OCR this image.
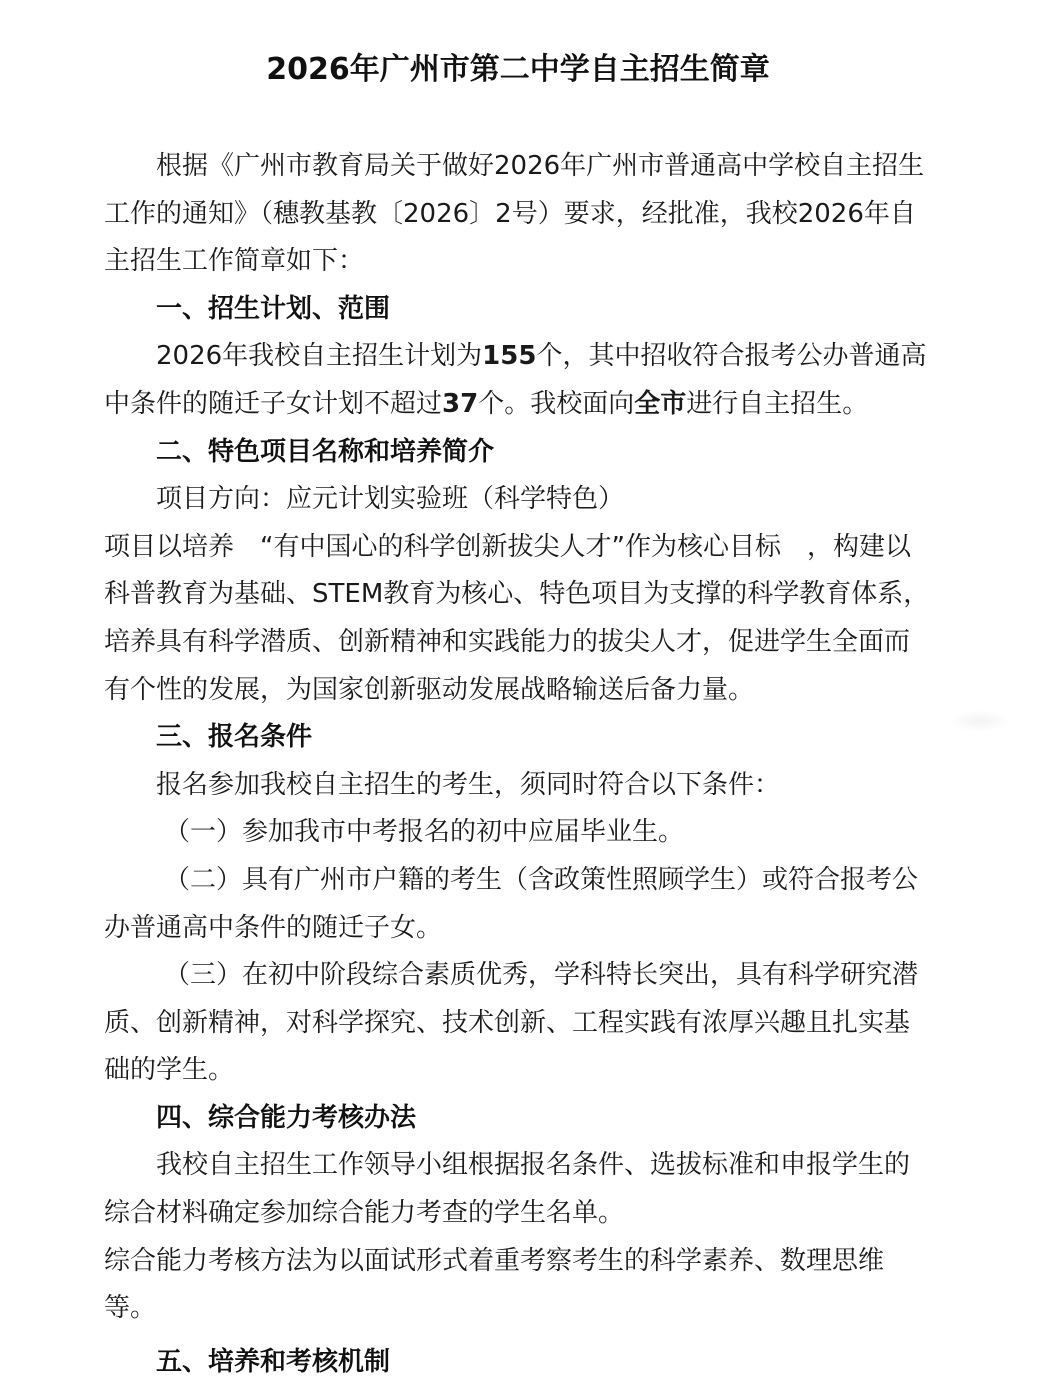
2026年广州市第二中学自主招生简章

根据《广州市教育局关于做好2026年广州市普通高中学校自主招生工作的通知》（穗教基教〔2026〕2号）要求，经批准，我校2026年自主招生工作简章如下：

一、招生计划、范围

2026年我校自主招生计划为155个，其中招收符合报考公办普通高中条件的随迁子女计划不超过37个。我校面向全市进行自主招生。

二、特色项目名称和培养简介

项目方向：应元计划实验班（科学特色）

项目以培养　“有中国心的科学创新拔尖人才”作为核心目标　，构建以科普教育为基础、STEM教育为核心、特色项目为支撑的科学教育体系，培养具有科学潜质、创新精神和实践能力的拔尖人才，促进学生全面而有个性的发展，为国家创新驱动发展战略输送后备力量。

三、报名条件

报名参加我校自主招生的考生，须同时符合以下条件：

（一）参加我市中考报名的初中应届毕业生。

（二）具有广州市户籍的考生（含政策性照顾学生）或符合报考公办普通高中条件的随迁子女。

（三）在初中阶段综合素质优秀，学科特长突出，具有科学研究潜质、创新精神，对科学探究、技术创新、工程实践有浓厚兴趣且扎实基础的学生。

四、综合能力考核办法

我校自主招生工作领导小组根据报名条件、选拔标准和申报学生的综合材料确定参加综合能力考查的学生名单。

综合能力考核方法为以面试形式着重考察考生的科学素养、数理思维等。

五、培养和考核机制
